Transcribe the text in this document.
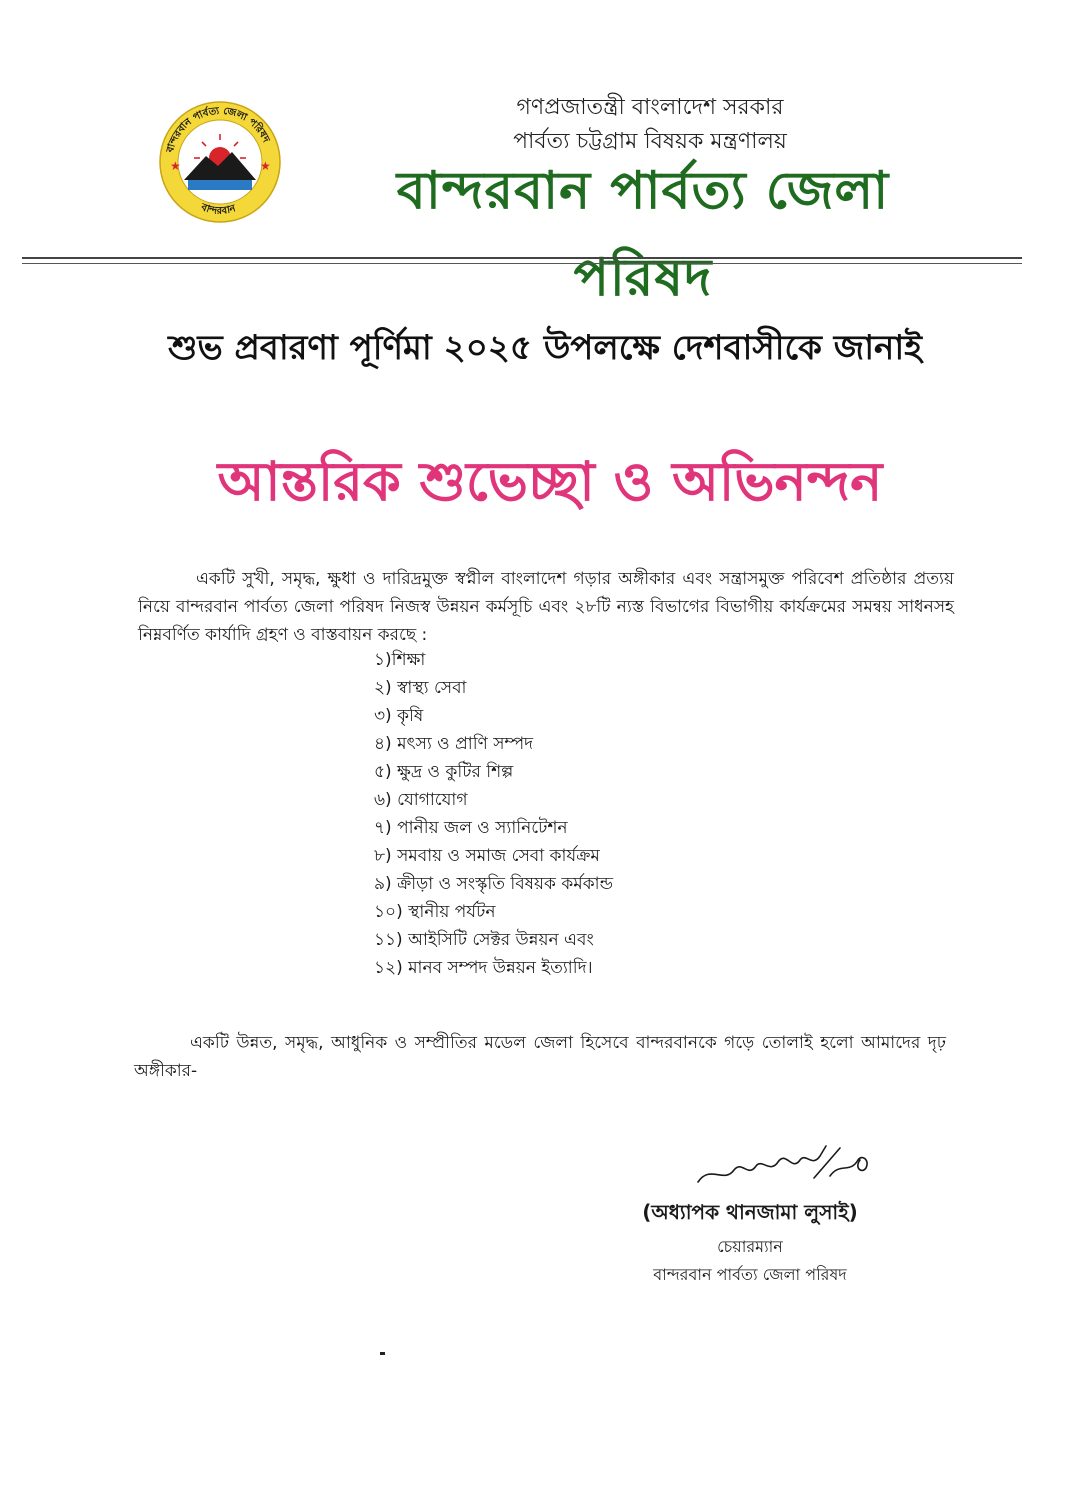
বান্দরবান পার্বত্য জেলা পরিষদ
বান্দরবান
★	★
গণপ্রজাতন্ত্রী বাংলাদেশ সরকার
পার্বত্য চট্টগ্রাম বিষয়ক মন্ত্রণালয়
বান্দরবান পার্বত্য জেলা পরিষদ
শুভ প্রবারণা পূর্ণিমা ২০২৫ উপলক্ষে দেশবাসীকে জানাই
আন্তরিক শুভেচ্ছা ও অভিনন্দন

একটি সুখী, সমৃদ্ধ, ক্ষুধা ও দারিদ্রমুক্ত স্বপ্নীল বাংলাদেশ গড়ার অঙ্গীকার এবং সন্ত্রাসমুক্ত পরিবেশ প্রতিষ্ঠার প্রত্যয় নিয়ে বান্দরবান পার্বত্য জেলা পরিষদ নিজস্ব উন্নয়ন কর্মসূচি এবং ২৮টি ন্যস্ত বিভাগের বিভাগীয় কার্যক্রমের সমন্বয় সাধনসহ নিম্নবর্ণিত কার্যাদি গ্রহণ ও বাস্তবায়ন করছে :

১)শিক্ষা
২) স্বাস্থ্য সেবা
৩) কৃষি
৪) মৎস্য ও প্রাণি সম্পদ
৫) ক্ষুদ্র ও কুটির শিল্প
৬) যোগাযোগ
৭) পানীয় জল ও স্যানিটেশন
৮) সমবায় ও সমাজ সেবা কার্যক্রম
৯) ক্রীড়া ও সংস্কৃতি বিষয়ক কর্মকান্ড
১০) স্থানীয় পর্যটন
১১) আইসিটি সেক্টর উন্নয়ন এবং
১২) মানব সম্পদ উন্নয়ন ইত্যাদি।

একটি উন্নত, সমৃদ্ধ, আধুনিক ও সম্প্রীতির মডেল জেলা হিসেবে বান্দরবানকে গড়ে তোলাই হলো আমাদের দৃঢ় অঙ্গীকার-

(অধ্যাপক থানজামা লুসাই)
চেয়ারম্যান
বান্দরবান পার্বত্য জেলা পরিষদ
